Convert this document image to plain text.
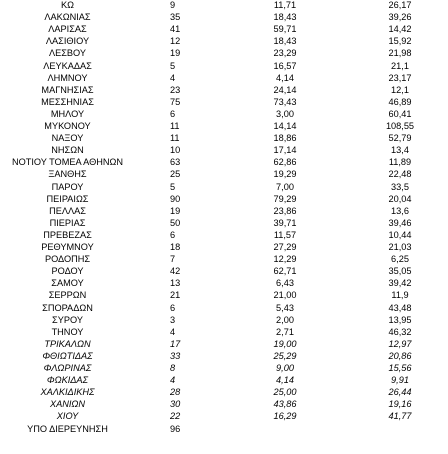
ΚΩ	9	11,71	26,17
ΛΑΚΩΝΙΑΣ	35	18,43	39,26
ΛΑΡΙΣΑΣ	41	59,71	14,42
ΛΑΣΙΘΙΟΥ	12	18,43	15,92
ΛΕΣΒΟΥ	19	23,29	21,98
ΛΕΥΚΑΔΑΣ	5	16,57	21,1
ΛΗΜΝΟΥ	4	4,14	23,17
ΜΑΓΝΗΣΙΑΣ	23	24,14	12,1
ΜΕΣΣΗΝΙΑΣ	75	73,43	46,89
ΜΗΛΟΥ	6	3,00	60,41
ΜΥΚΟΝΟΥ	11	14,14	108,55
ΝΑΞΟΥ	11	18,86	52,79
ΝΗΣΩΝ	10	17,14	13,4
ΝΟΤΙΟΥ ΤΟΜΕΑ ΑΘΗΝΩΝ	63	62,86	11,89
ΞΑΝΘΗΣ	25	19,29	22,48
ΠΑΡΟΥ	5	7,00	33,5
ΠΕΙΡΑΙΩΣ	90	79,29	20,04
ΠΕΛΛΑΣ	19	23,86	13,6
ΠΙΕΡΙΑΣ	50	39,71	39,46
ΠΡΕΒΕΖΑΣ	6	11,57	10,44
ΡΕΘΥΜΝΟΥ	18	27,29	21,03
ΡΟΔΟΠΗΣ	7	12,29	6,25
ΡΟΔΟΥ	42	62,71	35,05
ΣΑΜΟΥ	13	6,43	39,42
ΣΕΡΡΩΝ	21	21,00	11,9
ΣΠΟΡΑΔΩΝ	6	5,43	43,48
ΣΥΡΟΥ	3	2,00	13,95
ΤΗΝΟΥ	4	2,71	46,32
ΤΡΙΚΑΛΩΝ	17	19,00	12,97
ΦΘΙΩΤΙΔΑΣ	33	25,29	20,86
ΦΛΩΡΙΝΑΣ	8	9,00	15,56
ΦΩΚΙΔΑΣ	4	4,14	9,91
ΧΑΛΚΙΔΙΚΗΣ	28	25,00	26,44
ΧΑΝΙΩΝ	30	43,86	19,16
ΧΙΟΥ	22	16,29	41,77
ΥΠΟ ΔΙΕΡΕΥΝΗΣΗ	96
